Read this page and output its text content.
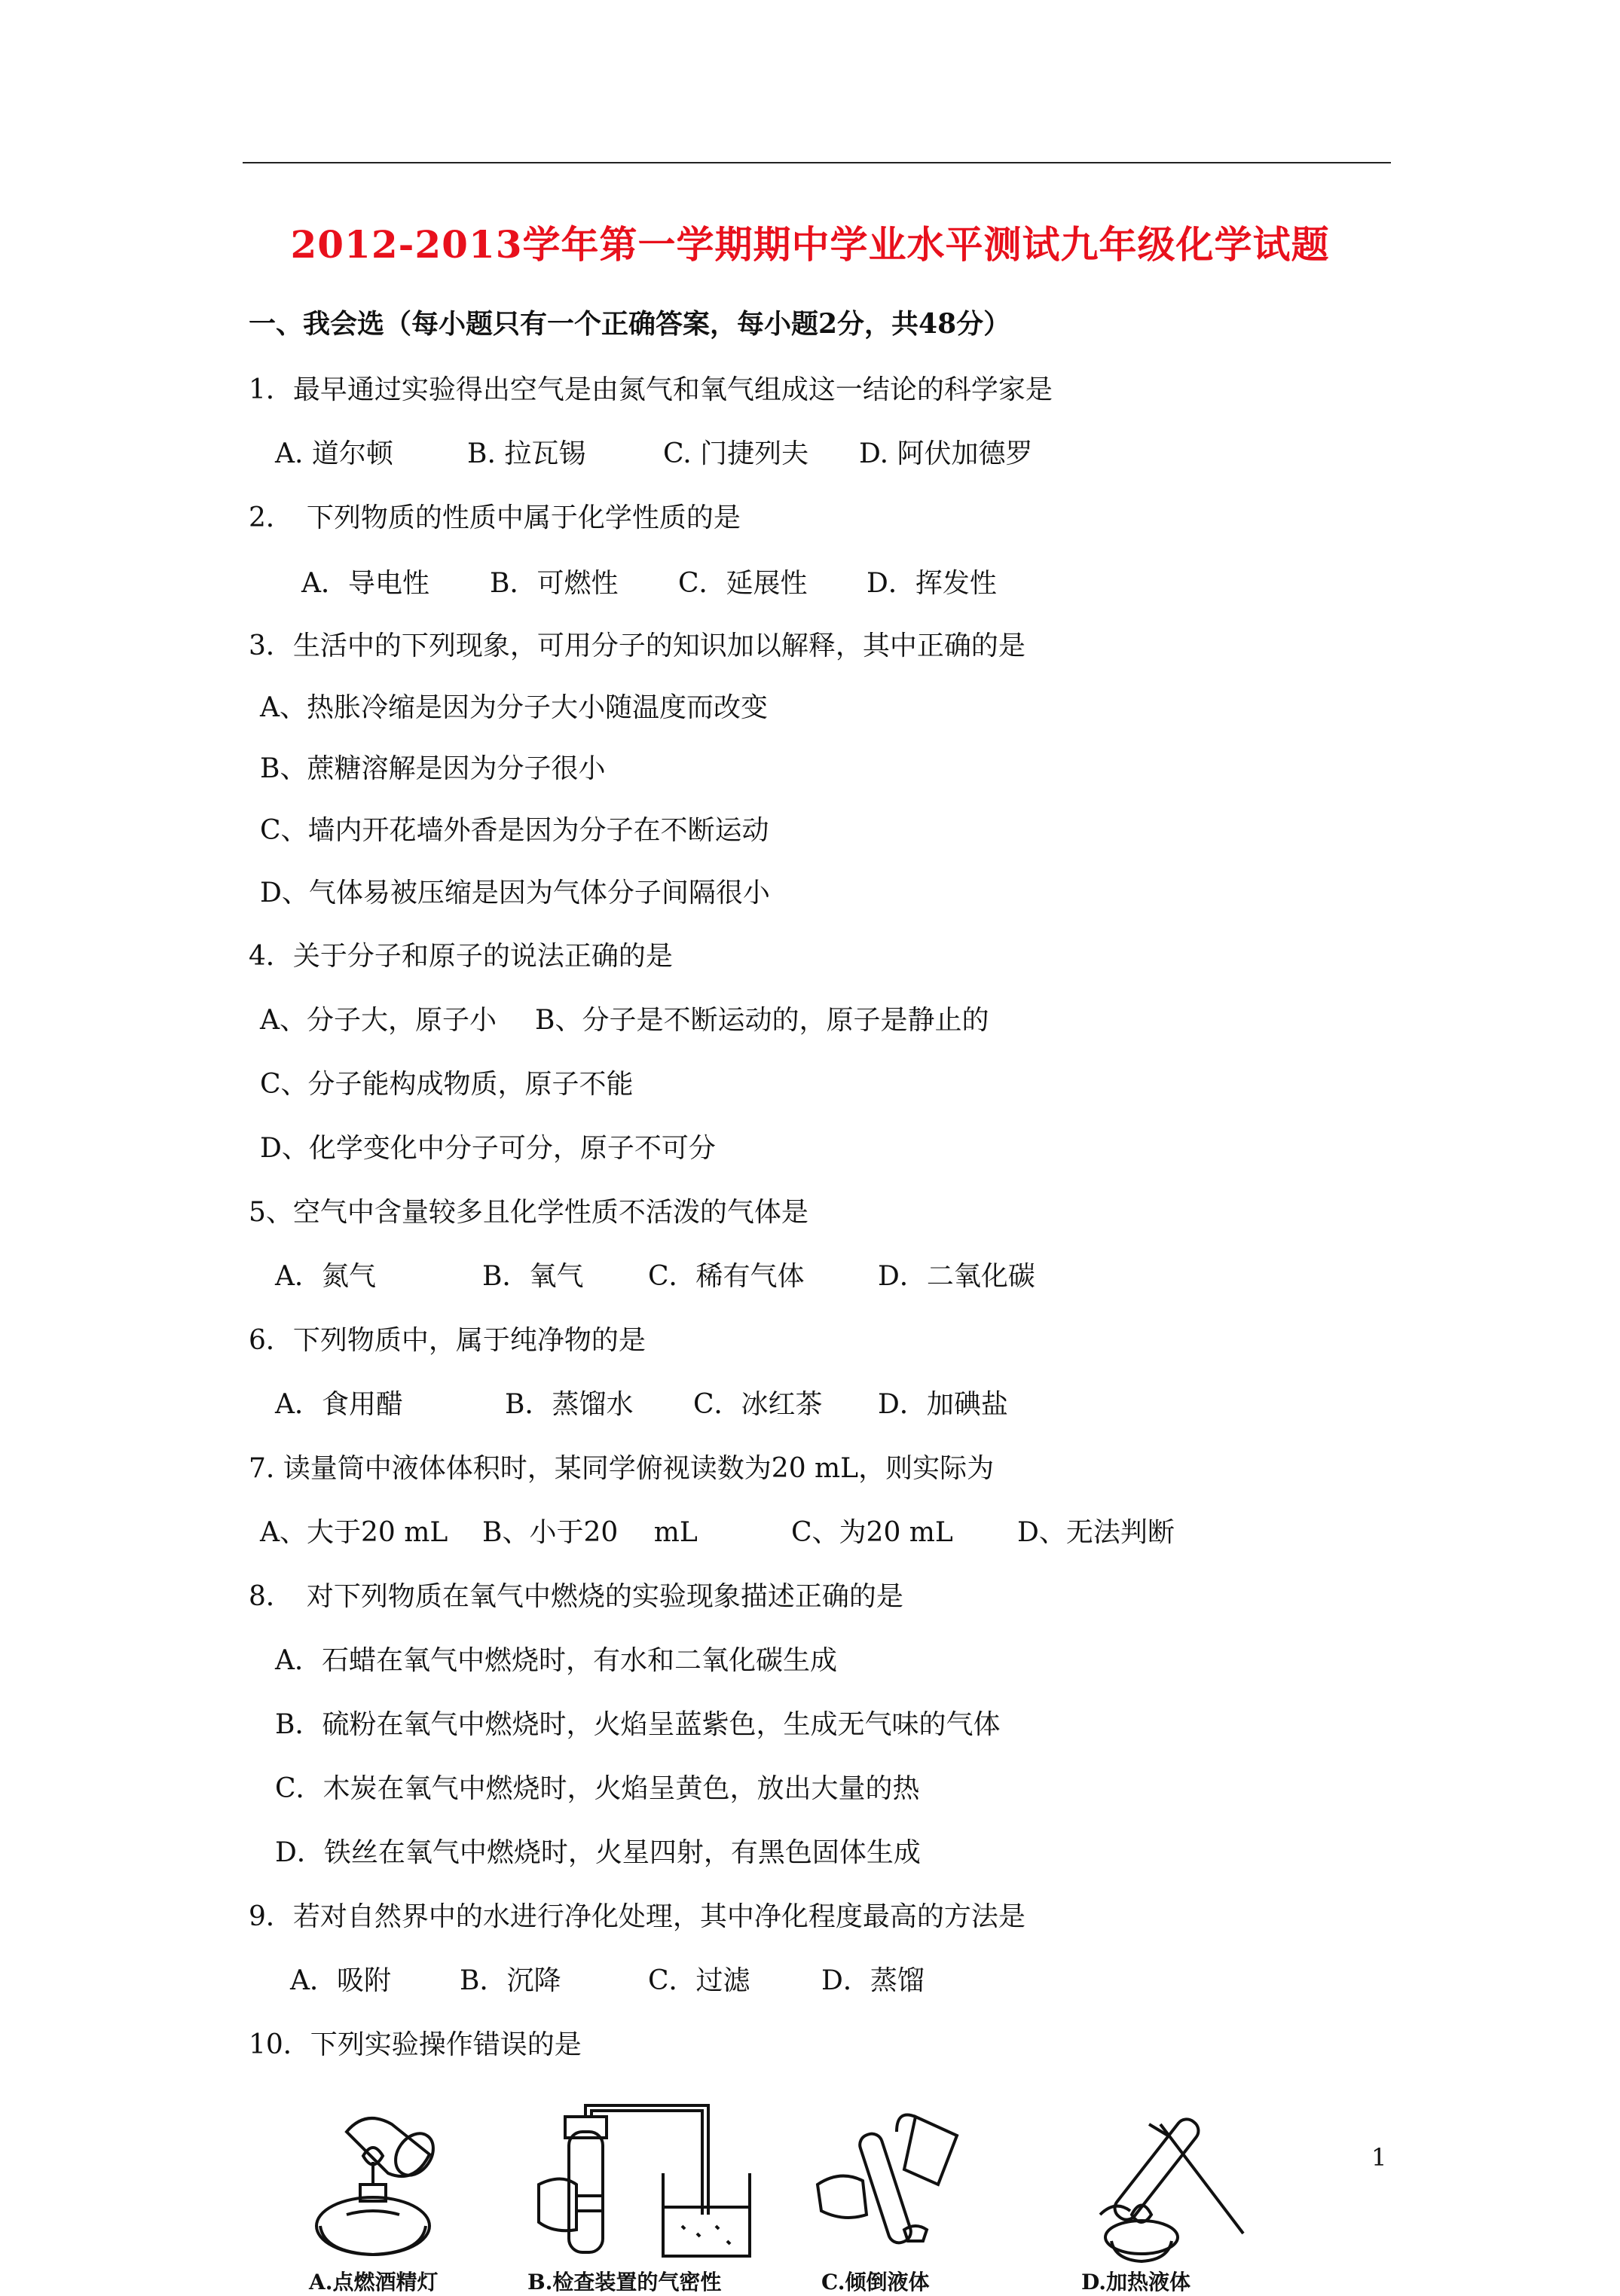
2012-2013学年第一学期期中学业水平测试九年级化学试题
一、我会选（每小题只有一个正确答案，每小题2分，共48分）
1．最早通过实验得出空气是由氮气和氧气组成这一结论的科学家是
A. 道尔顿	B. 拉瓦锡	C. 门捷列夫 D. 阿伏加德罗
2．　下列物质的性质中属于化学性质的是
A．导电性 B．可燃性 C．延展性 D．挥发性
3．生活中的下列现象，可用分子的知识加以解释，其中正确的是
A、热胀冷缩是因为分子大小随温度而改变
B、蔗糖溶解是因为分子很小
C、墙内开花墙外香是因为分子在不断运动
D、气体易被压缩是因为气体分子间隔很小
4．关于分子和原子的说法正确的是
A、分子大，原子小 B、分子是不断运动的，原子是静止的
C、分子能构成物质，原子不能
D、化学变化中分子可分，原子不可分
5、空气中含量较多且化学性质不活泼的气体是
A．氮气	B．氧气 C．稀有气体	D．二氧化碳
6．下列物质中，属于纯净物的是
A．食用醋	B．蒸馏水 C．冰红茶 D．加碘盐
7. 读量筒中液体体积时，某同学俯视读数为20 mL，则实际为
A、大于20 mL B、小于20　 mL	C、为20 mL D、无法判断
8．　对下列物质在氧气中燃烧的实验现象描述正确的是
A．石蜡在氧气中燃烧时，有水和二氧化碳生成
B．硫粉在氧气中燃烧时，火焰呈蓝紫色，生成无气味的气体
C．木炭在氧气中燃烧时，火焰呈黄色，放出大量的热
D．铁丝在氧气中燃烧时，火星四射，有黑色固体生成
9．若对自然界中的水进行净化处理，其中净化程度最高的方法是
A．吸附	B．沉降	C．过滤	D．蒸馏
10．下列实验操作错误的是
A.点燃酒精灯	B.检查装置的气密性	C.倾倒液体	D.加热液体
1
